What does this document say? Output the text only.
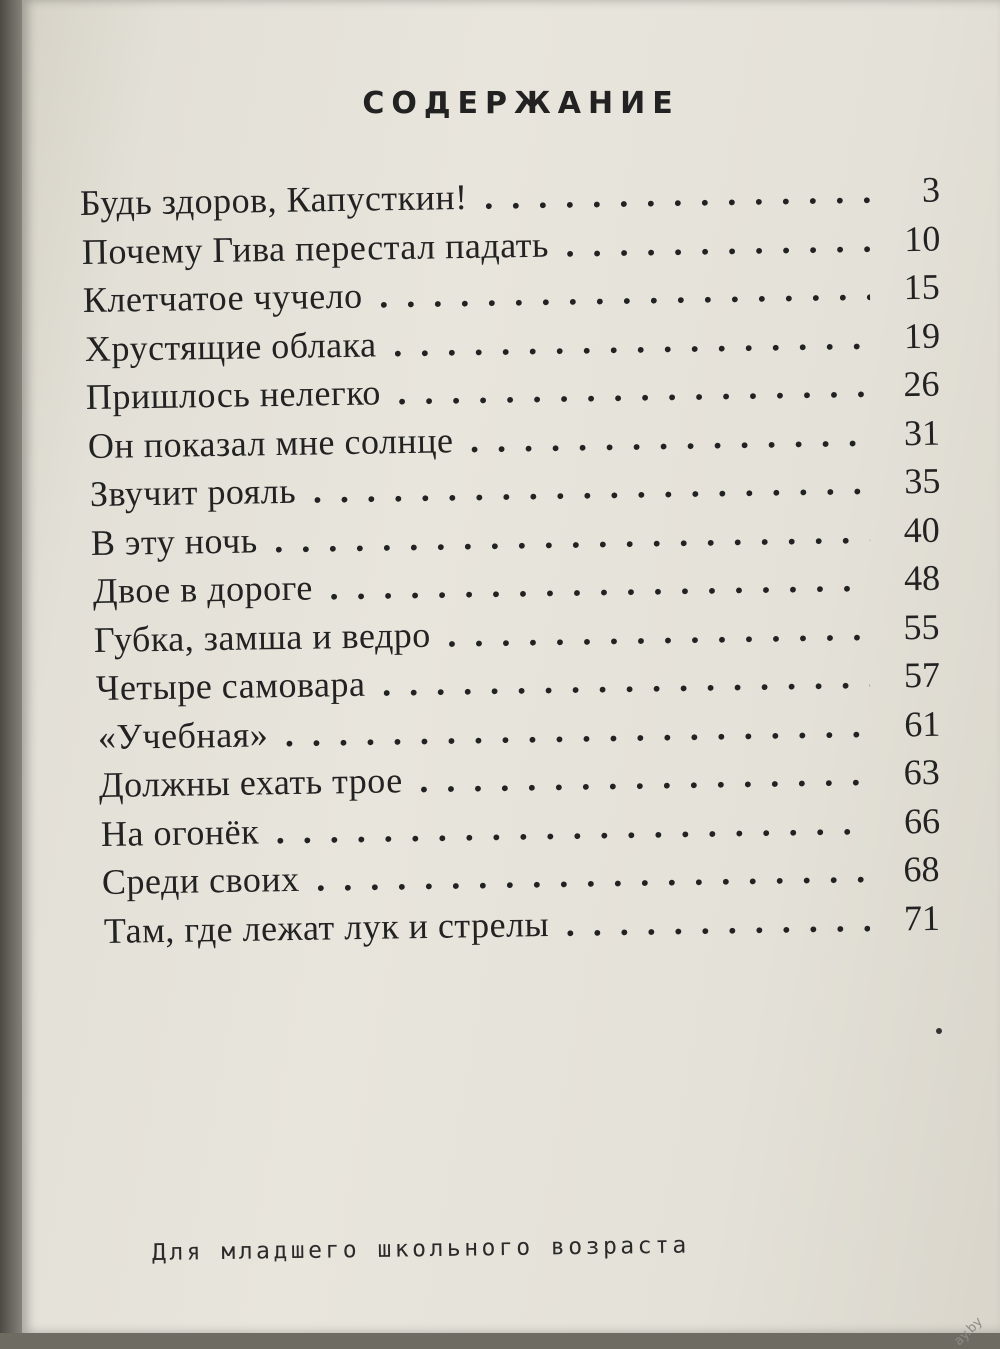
СОДЕРЖАНИЕ
Будь здоров, Капусткин! ............................................................
3
Почему Гива перестал падать ............................................................
10
Клетчатое чучело ............................................................
15
Хрустящие облака ............................................................
19
Пришлось нелегко ............................................................
26
Он показал мне солнце ............................................................
31
Звучит рояль ............................................................
35
В эту ночь ............................................................
40
Двое в дороге ............................................................
48
Губка, замша и ведро ............................................................
55
Четыре самовара ............................................................
57
«Учебная» ............................................................
61
Должны ехать трое ............................................................
63
На огонёк ............................................................
66
Среди своих ............................................................
68
Там, где лежат лук и стрелы ............................................................
71
Для младшего школьного возраста
ay.by
